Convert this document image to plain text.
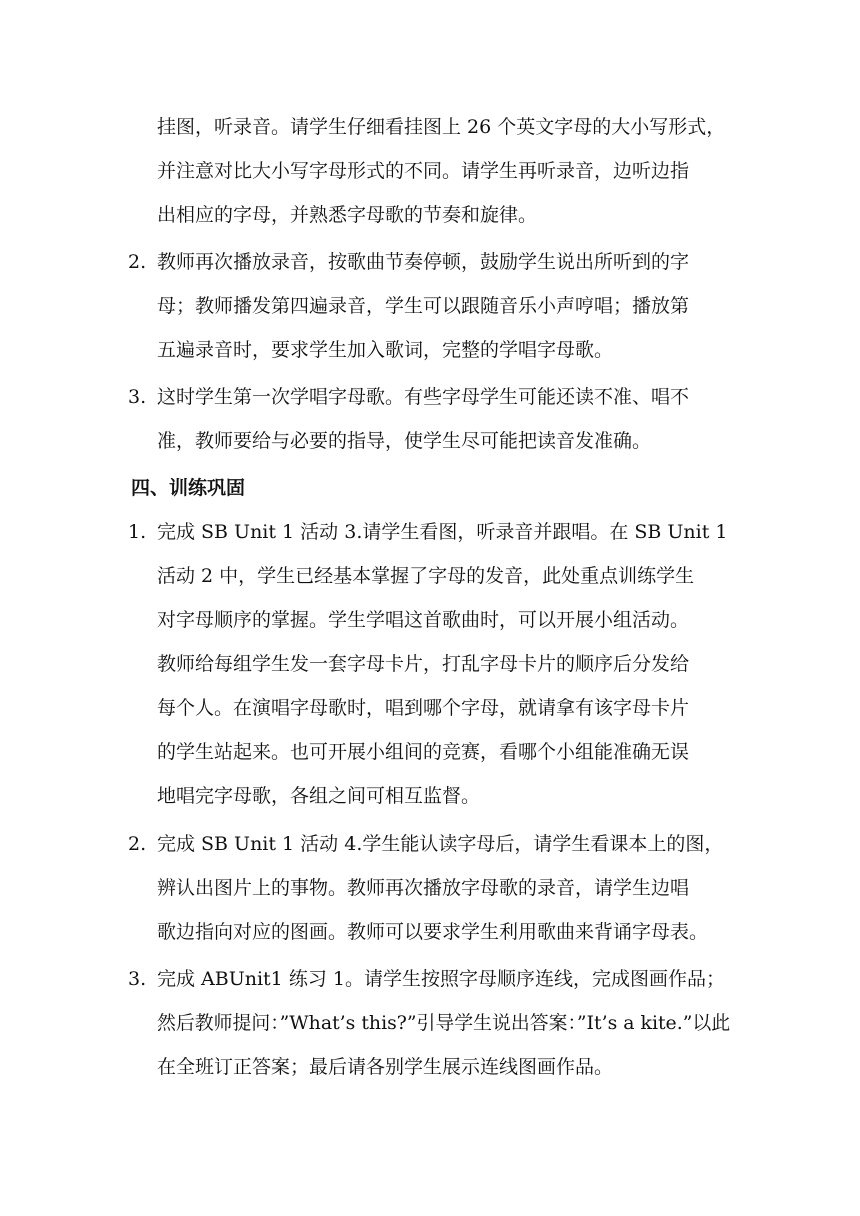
挂图，听录音。请学生仔细看挂图上 26 个英文字母的大小写形式，
并注意对比大小写字母形式的不同。请学生再听录音，边听边指
出相应的字母，并熟悉字母歌的节奏和旋律。
2. 教师再次播放录音，按歌曲节奏停顿，鼓励学生说出所听到的字
母；教师播发第四遍录音，学生可以跟随音乐小声哼唱；播放第
五遍录音时，要求学生加入歌词，完整的学唱字母歌。
3. 这时学生第一次学唱字母歌。有些字母学生可能还读不准、唱不
准，教师要给与必要的指导，使学生尽可能把读音发准确。
四、训练巩固
1. 完成 SB Unit 1 活动 3.请学生看图，听录音并跟唱。在 SB Unit 1
活动 2 中，学生已经基本掌握了字母的发音，此处重点训练学生
对字母顺序的掌握。学生学唱这首歌曲时，可以开展小组活动。
教师给每组学生发一套字母卡片，打乱字母卡片的顺序后分发给
每个人。在演唱字母歌时，唱到哪个字母，就请拿有该字母卡片
的学生站起来。也可开展小组间的竞赛，看哪个小组能准确无误
地唱完字母歌，各组之间可相互监督。
2. 完成 SB Unit 1 活动 4.学生能认读字母后，请学生看课本上的图，
辨认出图片上的事物。教师再次播放字母歌的录音，请学生边唱
歌边指向对应的图画。教师可以要求学生利用歌曲来背诵字母表。
3. 完成 ABUnit1 练习 1。请学生按照字母顺序连线，完成图画作品；
然后教师提问：”What’s this?”引导学生说出答案：”It’s a kite.”以此
在全班订正答案；最后请各别学生展示连线图画作品。
